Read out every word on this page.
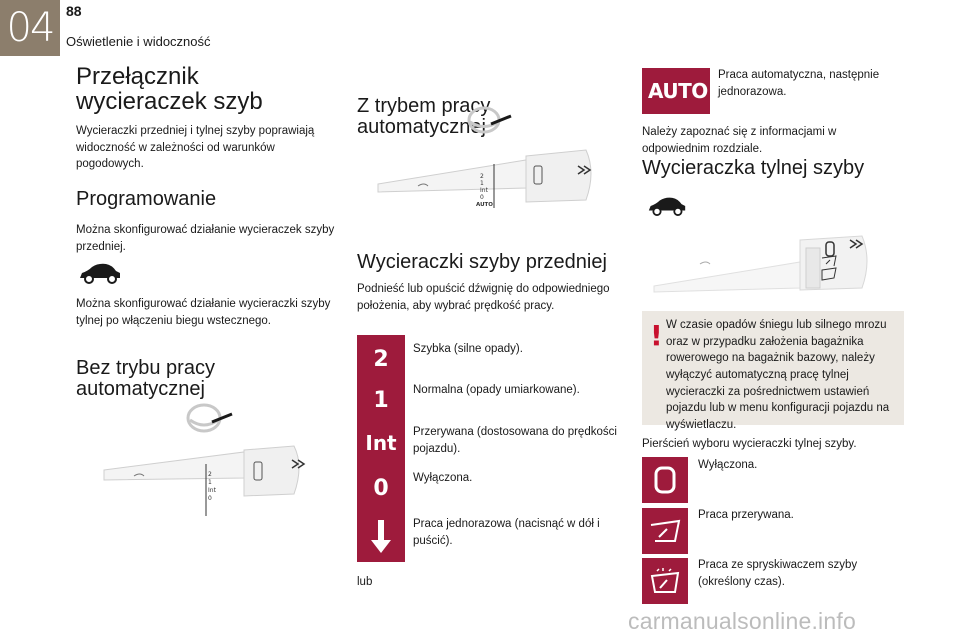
04 88
Oświetlenie i widoczność
Przełącznik wycieraczek szyb

Wycieraczki przedniej i tylnej szyby poprawiają widoczność w zależności od warunków pogodowych.

Programowanie

Można skonfigurować działanie wycieraczek szyby przedniej.

Można skonfigurować działanie wycieraczki szyby tylnej po włączeniu biegu wstecznego.

Bez trybu pracy automatycznej
2
1
Int
0
Z trybem pracy automatycznej
2
1
Int
0
AUTO
Wycieraczki szyby przedniej

Podnieść lub opuścić dźwignię do odpowiedniego położenia, aby wybrać prędkość pracy.

2	Szybka (silne opady).
1	Normalna (opady umiarkowane).
Int	Przerywana (dostosowana do prędkości pojazdu).
0	Wyłączona.
Praca jednorazowa (nacisnąć w dół i puścić).
lub
AUTO
Praca automatyczna, następnie jednorazowa.

Należy zapoznać się z informacjami w odpowiednim rozdziale.

Wycieraczka tylnej szyby
! W czasie opadów śniegu lub silnego mrozu oraz w przypadku założenia bagażnika rowerowego na bagażnik bazowy, należy wyłączyć automatyczną pracę tylnej wycieraczki za pośrednictwem ustawień pojazdu lub w menu konfiguracji pojazdu na wyświetlaczu.

Pierścień wyboru wycieraczki tylnej szyby.

Wyłączona.
Praca przerywana.
Praca ze spryskiwaczem szyby (określony czas).
carmanualsonline.info
